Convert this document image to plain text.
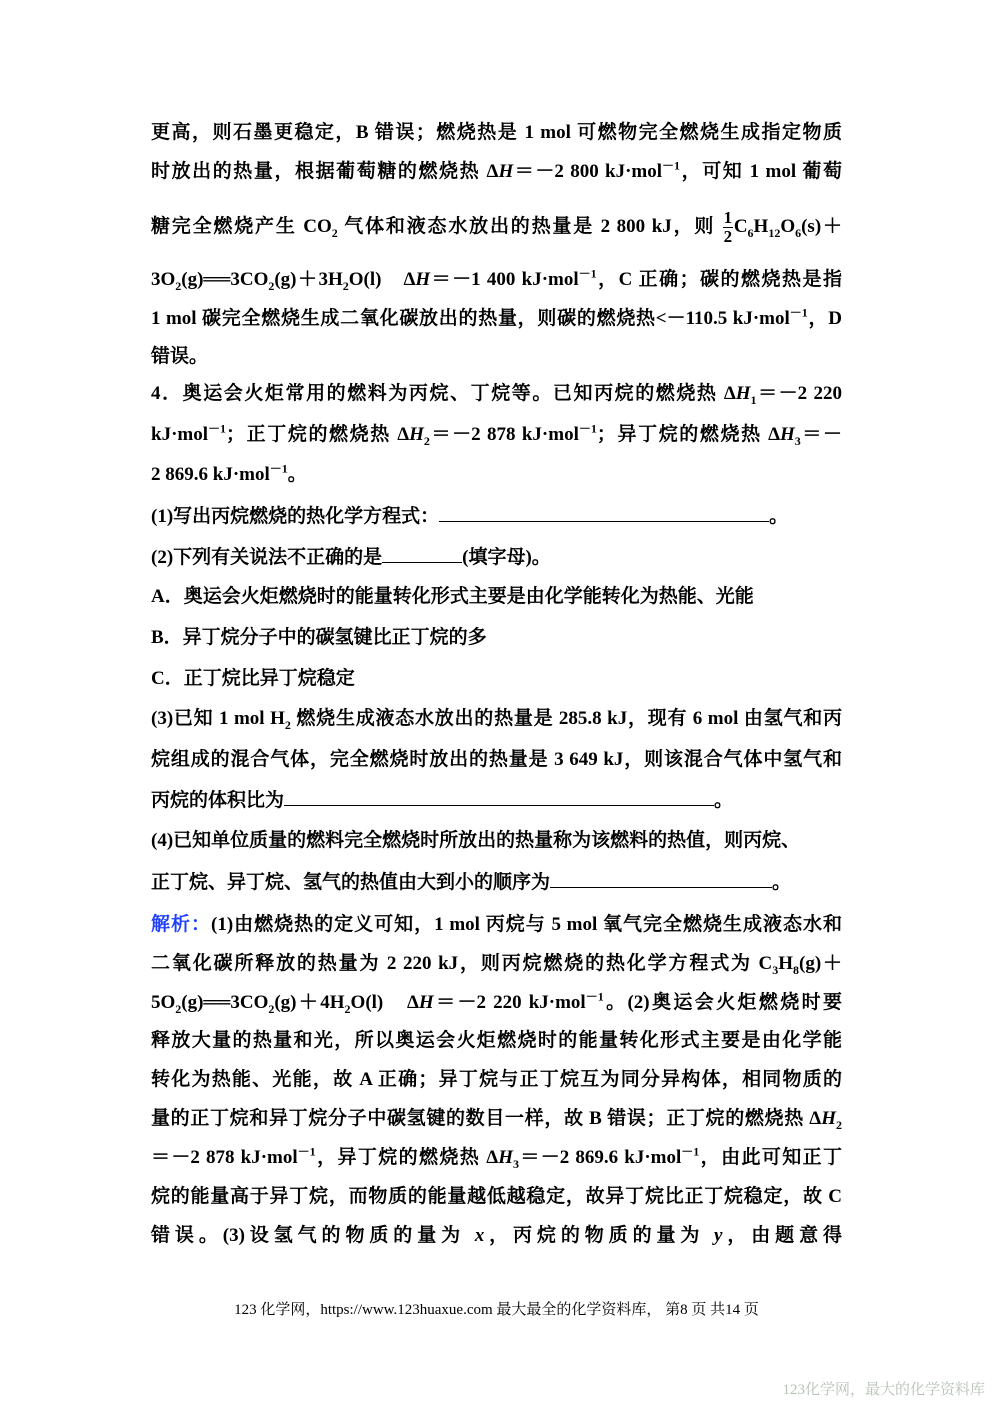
更高，则石墨更稳定，B 错误；燃烧热是 1 mol 可燃物完全燃烧生成指定物质
时放出的热量，根据葡萄糖的燃烧热 ΔH＝－2 800 kJ·mol$^{-1}$，可知 1 mol 葡萄
糖完全燃烧产生 $CO_2$ 气体和液态水放出的热量是 2 800 kJ，则 $\frac{1}{2} C_6H_{12}O_6(s)+$
$3O_2(g)══3CO_2(g)+3H_2O(l)$　ΔH＝－1 400 kJ·mol$^{-1}$，C 正确；碳的燃烧热是指
1 mol 碳完全燃烧生成二氧化碳放出的热量，则碳的燃烧热<－110.5 kJ·mol$^{-1}$，D
错误。
4．奥运会火炬常用的燃料为丙烷、丁烷等。已知丙烷的燃烧热 $\Delta H_1=-2$ 220
kJ·mol$^{-1}$；正丁烷的燃烧热 $\Delta H_2=-2$ 878 kJ·mol$^{-1}$；异丁烷的燃烧热 $\Delta H_3=-$
2 869.6 kJ·mol$^{-1}$。
(1)写出丙烷燃烧的热化学方程式：	。
(2)下列有关说法不正确的是	(填字母)。
A．奥运会火炬燃烧时的能量转化形式主要是由化学能转化为热能、光能
B．异丁烷分子中的碳氢键比正丁烷的多
C．正丁烷比异丁烷稳定
(3)已知 1 mol $H_2$ 燃烧生成液态水放出的热量是 285.8 kJ，现有 6 mol 由氢气和丙
烷组成的混合气体，完全燃烧时放出的热量是 3 649 kJ，则该混合气体中氢气和
丙烷的体积比为	。
(4)已知单位质量的燃料完全燃烧时所放出的热量称为该燃料的热值，则丙烷、
正丁烷、异丁烷、氢气的热值由大到小的顺序为	。
解析：(1)由燃烧热的定义可知，1 mol 丙烷与 5 mol 氧气完全燃烧生成液态水和
二氧化碳所释放的热量为 2 220 kJ，则丙烷燃烧的热化学方程式为 $C_3H_8(g)+$
$5O_2(g)══3CO_2(g)+4H_2O(l)$　ΔH＝－2 220 kJ·mol$^{-1}$。(2)奥运会火炬燃烧时要
释放大量的热量和光，所以奥运会火炬燃烧时的能量转化形式主要是由化学能
转化为热能、光能，故 A 正确；异丁烷与正丁烷互为同分异构体，相同物质的
量的正丁烷和异丁烷分子中碳氢键的数目一样，故 B 错误；正丁烷的燃烧热 $\Delta H_2$
＝－2 878 kJ·mol$^{-1}$，异丁烷的燃烧热 $\Delta H_3=-2$ 869.6 kJ·mol$^{-1}$，由此可知正丁
烷的能量高于异丁烷，而物质的能量越低越稳定，故异丁烷比正丁烷稳定，故 C
错误。(3)设氢气的物质的量为 x，丙烷的物质的量为 y，由题意得
123 化学网，https://www.123huaxue.com 最大最全的化学资料库， 第8 页 共14 页
123化学网，最大的化学资料库
